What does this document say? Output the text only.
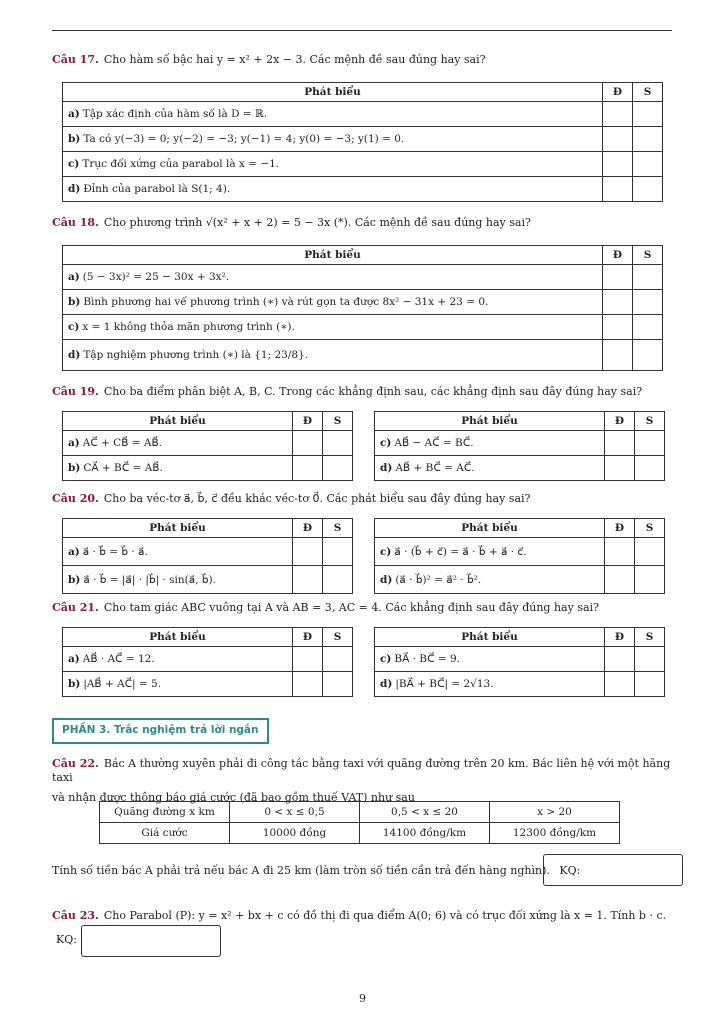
Câu 17. Cho hàm số bậc hai y = x² + 2x − 3. Các mệnh đề sau đúng hay sai?
Phát biểu	Đ	S
a) Tập xác định của hàm số là D = ℝ.		
b) Ta có y(−3) = 0; y(−2) = −3; y(−1) = 4; y(0) = −3; y(1) = 0.		
c) Trục đối xứng của parabol là x = −1.		
d) Đỉnh của parabol là S(1; 4).		
Câu 18. Cho phương trình √(x² + x + 2) = 5 − 3x (*). Các mệnh đề sau đúng hay sai?
Phát biểu	Đ	S
a) (5 − 3x)² = 25 − 30x + 3x².		
b) Bình phương hai vế phương trình (∗) và rút gọn ta được 8x² − 31x + 23 = 0.		
c) x = 1 không thỏa mãn phương trình (∗).		
d) Tập nghiệm phương trình (∗) là {1; 23/8}.		
Câu 19. Cho ba điểm phân biệt A, B, C. Trong các khẳng định sau, các khẳng định sau đây đúng hay sai?
Phát biểu	Đ	S
a) AC⃗ + CB⃗ = AB⃗.		
b) CA⃗ + BC⃗ = AB⃗.		
Phát biểu	Đ	S
c) AB⃗ − AC⃗ = BC⃗.		
d) AB⃗ + BC⃗ = AC⃗.		
Câu 20. Cho ba véc-tơ a⃗, b⃗, c⃗ đều khác véc-tơ 0⃗. Các phát biểu sau đây đúng hay sai?
Phát biểu	Đ	S
a) a⃗ · b⃗ = b⃗ · a⃗.		
b) a⃗ · b⃗ = |a⃗| · |b⃗| · sin(a⃗, b⃗).		
Phát biểu	Đ	S
c) a⃗ · (b⃗ + c⃗) = a⃗ · b⃗ + a⃗ · c⃗.		
d) (a⃗ · b⃗)² = a⃗² · b⃗².		
Câu 21. Cho tam giác ABC vuông tại A và AB = 3, AC = 4. Các khẳng định sau đây đúng hay sai?
Phát biểu	Đ	S
a) AB⃗ · AC⃗ = 12.		
b) |AB⃗ + AC⃗| = 5.		
Phát biểu	Đ	S
c) BA⃗ · BC⃗ = 9.		
d) |BA⃗ + BC⃗| = 2√13.		
PHẦN 3. Trắc nghiệm trả lời ngắn
Câu 22. Bác A thường xuyên phải đi công tác bằng taxi với quãng đường trên 20 km. Bác liên hệ với một hãng taxi
và nhận được thông báo giá cước (đã bao gồm thuế VAT) như sau
Quãng đường x km	0 < x ≤ 0,5	0,5 < x ≤ 20	x > 20
Giá cước	10000 đồng	14100 đồng/km	12300 đồng/km
Tính số tiền bác A phải trả nếu bác A đi 25 km (làm tròn số tiền cần trả đến hàng nghìn). KQ:
Câu 23. Cho Parabol (P): y = x² + bx + c có đồ thị đi qua điểm A(0; 6) và có trục đối xứng là x = 1. Tính b · c.
KQ:
9
